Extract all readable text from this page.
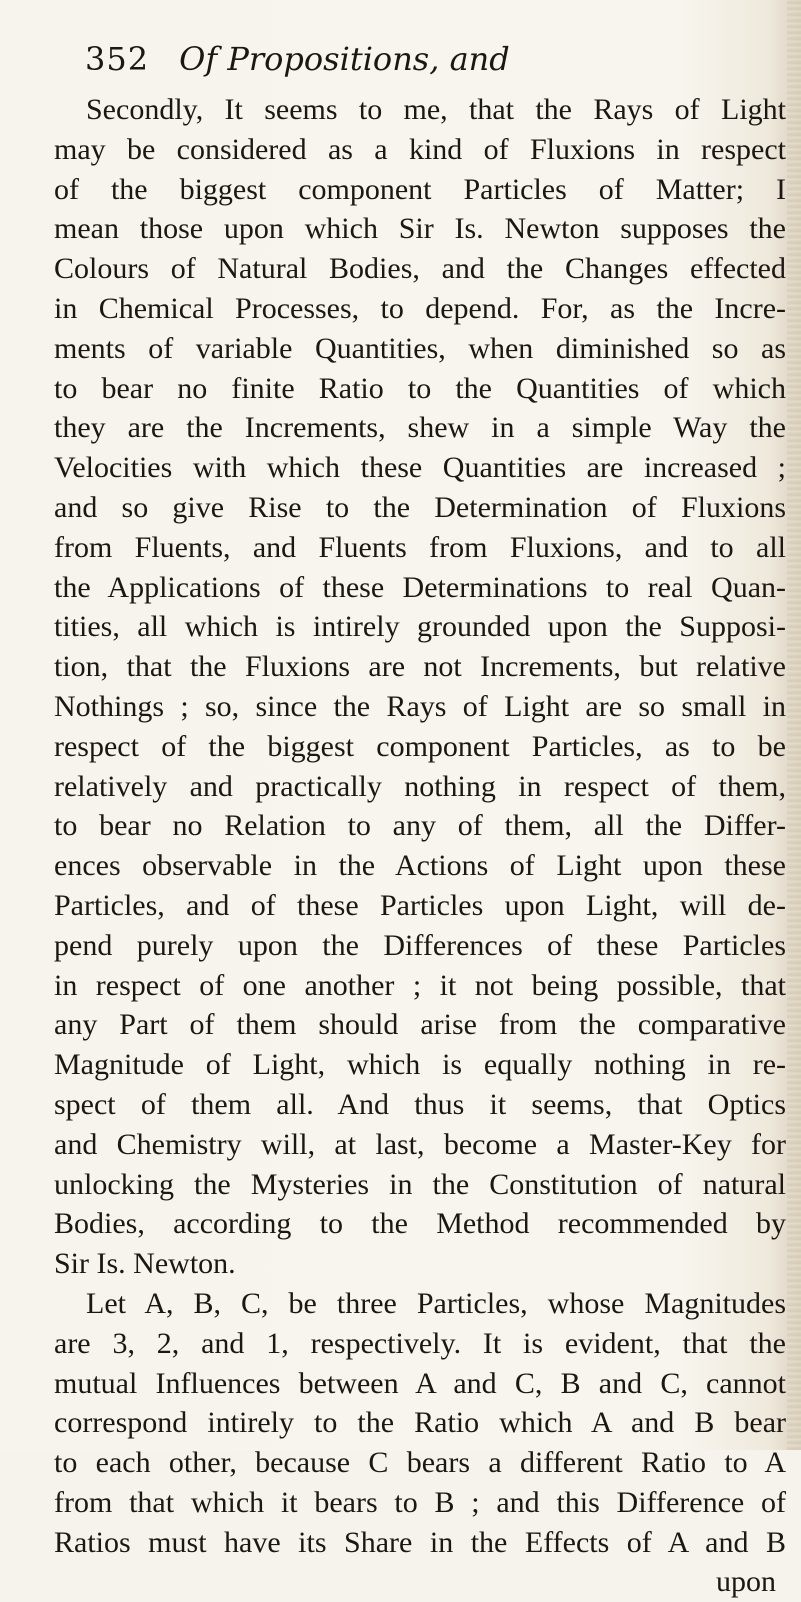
352 Of Propositions, and
Secondly, It seems to me, that the Rays of Light
may be considered as a kind of Fluxions in respect
of the biggest component Particles of Matter; I
mean those upon which Sir Is. Newton supposes the
Colours of Natural Bodies, and the Changes effected
in Chemical Processes, to depend. For, as the Incre-
ments of variable Quantities, when diminished so as
to bear no finite Ratio to the Quantities of which
they are the Increments, shew in a simple Way the
Velocities with which these Quantities are increased ;
and so give Rise to the Determination of Fluxions
from Fluents, and Fluents from Fluxions, and to all
the Applications of these Determinations to real Quan-
tities, all which is intirely grounded upon the Supposi-
tion, that the Fluxions are not Increments, but relative
Nothings ; so, since the Rays of Light are so small in
respect of the biggest component Particles, as to be
relatively and practically nothing in respect of them,
to bear no Relation to any of them, all the Differ-
ences observable in the Actions of Light upon these
Particles, and of these Particles upon Light, will de-
pend purely upon the Differences of these Particles
in respect of one another ; it not being possible, that
any Part of them should arise from the comparative
Magnitude of Light, which is equally nothing in re-
spect of them all. And thus it seems, that Optics
and Chemistry will, at last, become a Master-Key for
unlocking the Mysteries in the Constitution of natural
Bodies, according to the Method recommended by
Sir Is. Newton.
Let A, B, C, be three Particles, whose Magnitudes
are 3, 2, and 1, respectively. It is evident, that the
mutual Influences between A and C, B and C, cannot
correspond intirely to the Ratio which A and B bear
to each other, because C bears a different Ratio to A
from that which it bears to B ; and this Difference of
Ratios must have its Share in the Effects of A and B
upon
